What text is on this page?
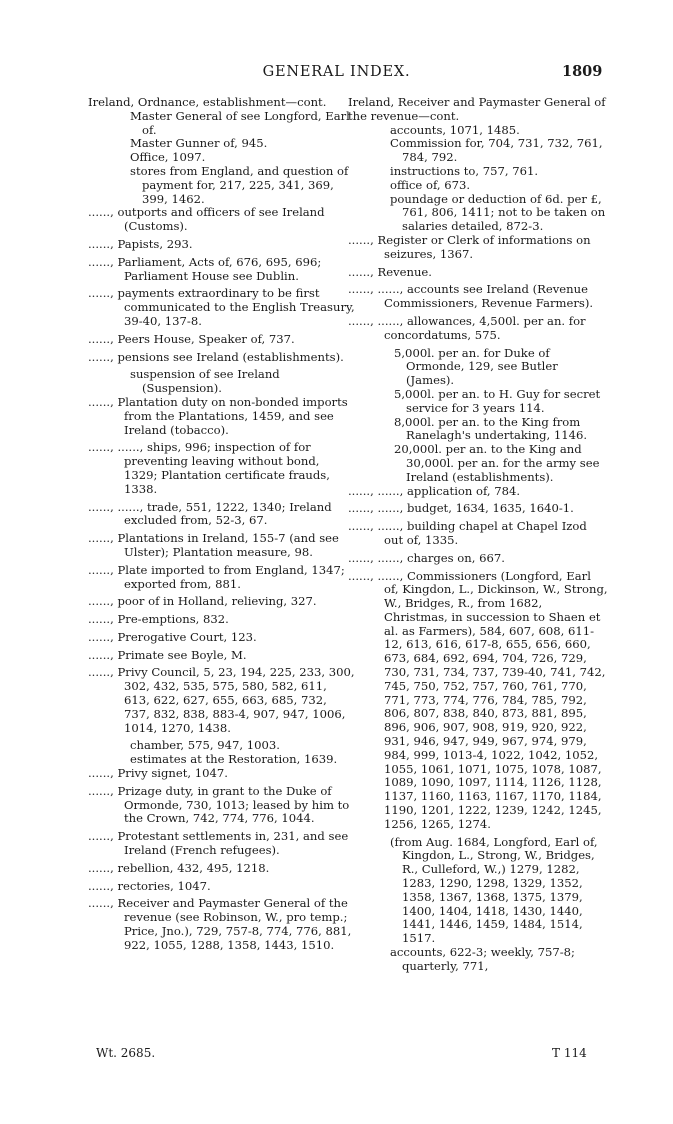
GENERAL INDEX.	1809

Ireland, Ordnance, establishment—cont.

Master General of see Longford, Earl of.

Master Gunner of, 945.

Office, 1097.

stores from England, and question of payment for, 217, 225, 341, 369, 399, 1462.

......, outports and officers of see Ireland (Customs).

......, Papists, 293.

......, Parliament, Acts of, 676, 695, 696; Parliament House see Dublin.

......, payments extraordinary to be first communicated to the English Treasury, 39-40, 137-8.

......, Peers House, Speaker of, 737.

......, pensions see Ireland (establishments).

suspension of see Ireland (Suspension).

......, Plantation duty on non-bonded imports from the Plantations, 1459, and see Ireland (tobacco).

......, ......, ships, 996; inspection of for preventing leaving without bond, 1329; Plantation certificate frauds, 1338.

......, ......, trade, 551, 1222, 1340; Ireland excluded from, 52-3, 67.

......, Plantations in Ireland, 155-7 (and see Ulster); Plantation measure, 98.

......, Plate imported to from England, 1347; exported from, 881.

......, poor of in Holland, relieving, 327.

......, Pre-emptions, 832.

......, Prerogative Court, 123.

......, Primate see Boyle, M.

......, Privy Council, 5, 23, 194, 225, 233, 300, 302, 432, 535, 575, 580, 582, 611, 613, 622, 627, 655, 663, 685, 732, 737, 832, 838, 883-4, 907, 947, 1006, 1014, 1270, 1438.

chamber, 575, 947, 1003.

estimates at the Restoration, 1639.

......, Privy signet, 1047.

......, Prizage duty, in grant to the Duke of Ormonde, 730, 1013; leased by him to the Crown, 742, 774, 776, 1044.

......, Protestant settlements in, 231, and see Ireland (French refugees).

......, rebellion, 432, 495, 1218.

......, rectories, 1047.

......, Receiver and Paymaster General of the revenue (see Robinson, W., pro temp.; Price, Jno.), 729, 757-8, 774, 776, 881, 922, 1055, 1288, 1358, 1443, 1510.

Ireland, Receiver and Paymaster General of the revenue—cont.

accounts, 1071, 1485.

Commission for, 704, 731, 732, 761, 784, 792.

instructions to, 757, 761.

office of, 673.

poundage or deduction of 6d. per £, 761, 806, 1411; not to be taken on salaries detailed, 872-3.

......, Register or Clerk of informations on seizures, 1367.

......, Revenue.

......, ......, accounts see Ireland (Revenue Commissioners, Revenue Farmers).

......, ......, allowances, 4,500l. per an. for concordatums, 575.

5,000l. per an. for Duke of Ormonde, 129, see Butler (James).

5,000l. per an. to H. Guy for secret service for 3 years 114.

8,000l. per an. to the King from Ranelagh's undertaking, 1146.

20,000l. per an. to the King and 30,000l. per an. for the army see Ireland (establishments).

......, ......, application of, 784.

......, ......, budget, 1634, 1635, 1640-1.

......, ......, building chapel at Chapel Izod out of, 1335.

......, ......, charges on, 667.

......, ......, Commissioners (Longford, Earl of, Kingdon, L., Dickinson, W., Strong, W., Bridges, R., from 1682, Christmas, in succession to Shaen et al. as Farmers), 584, 607, 608, 611-12, 613, 616, 617-8, 655, 656, 660, 673, 684, 692, 694, 704, 726, 729, 730, 731, 734, 737, 739-40, 741, 742, 745, 750, 752, 757, 760, 761, 770, 771, 773, 774, 776, 784, 785, 792, 806, 807, 838, 840, 873, 881, 895, 896, 906, 907, 908, 919, 920, 922, 931, 946, 947, 949, 967, 974, 979, 984, 999, 1013-4, 1022, 1042, 1052, 1055, 1061, 1071, 1075, 1078, 1087, 1089, 1090, 1097, 1114, 1126, 1128, 1137, 1160, 1163, 1167, 1170, 1184, 1190, 1201, 1222, 1239, 1242, 1245, 1256, 1265, 1274.

(from Aug. 1684, Longford, Earl of, Kingdon, L., Strong, W., Bridges, R., Culleford, W.,) 1279, 1282, 1283, 1290, 1298, 1329, 1352, 1358, 1367, 1368, 1375, 1379, 1400, 1404, 1418, 1430, 1440, 1441, 1446, 1459, 1484, 1514, 1517.

accounts, 622-3; weekly, 757-8; quarterly, 771,

Wt. 2685.	T 114
